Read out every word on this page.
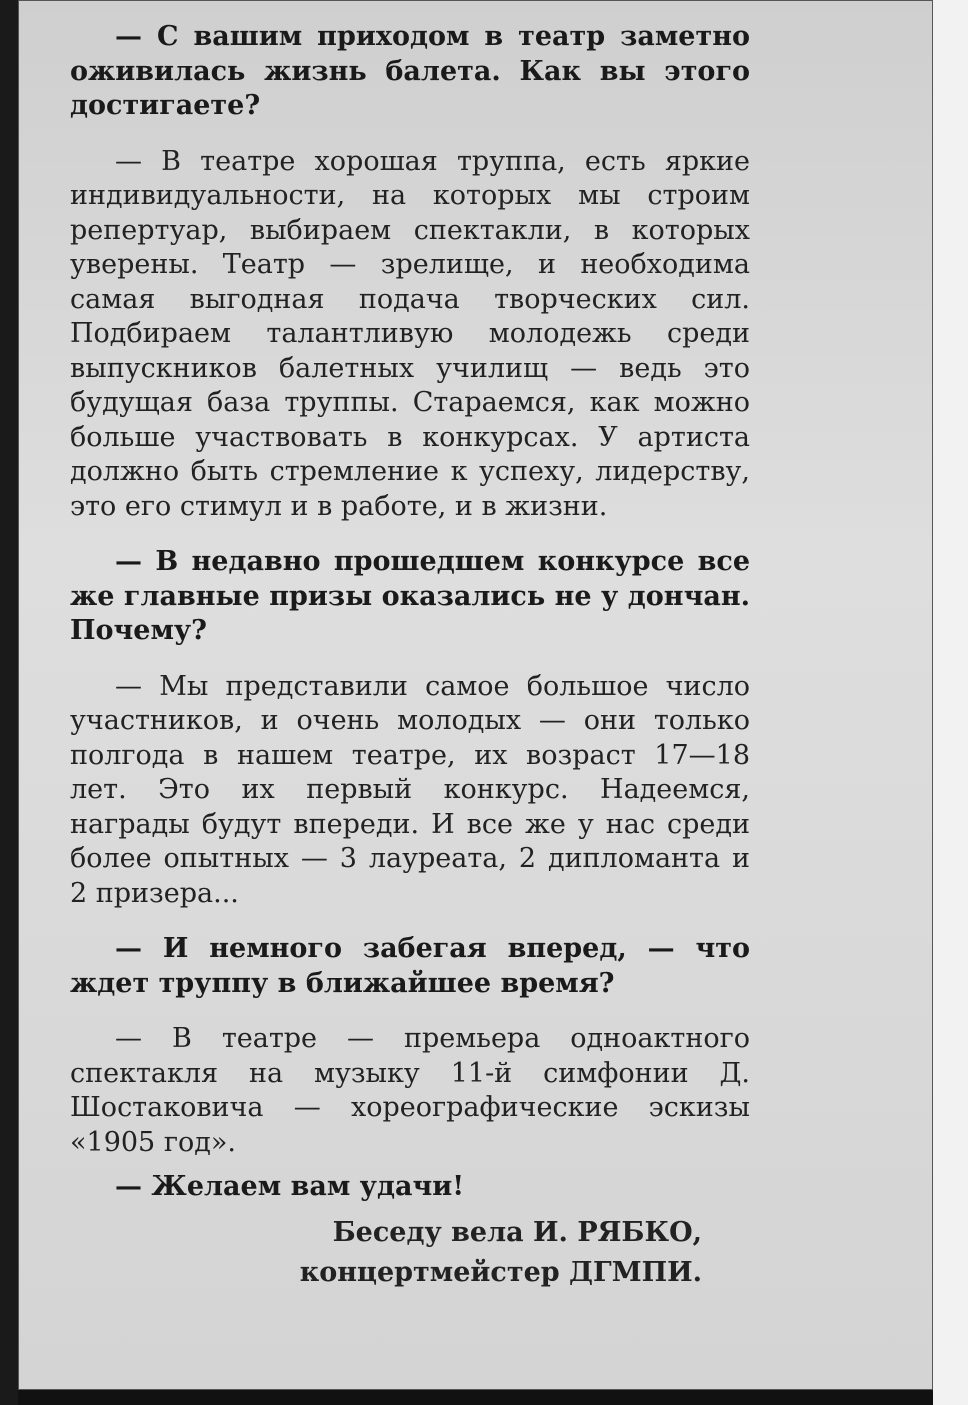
— С вашим приходом в театр заметно оживилась жизнь балета. Как вы этого достигаете?

— В театре хорошая труппа, есть яркие индивидуальности, на которых мы строим репертуар, выбираем спектакли, в которых уверены. Театр — зрелище, и необходима самая выгодная подача творческих сил. Подбираем талантливую молодежь среди выпускников балетных училищ — ведь это будущая база труппы. Стараемся, как можно больше участвовать в конкурсах. У артиста должно быть стремление к успеху, лидерству, это его стимул и в работе, и в жизни.

— В недавно прошедшем конкурсе все же главные призы оказались не у дончан. Почему?

— Мы представили самое большое число участников, и очень молодых — они только полгода в нашем театре, их возраст 17—18 лет. Это их первый конкурс. Надеемся, награды будут впереди. И все же у нас среди более опытных — 3 лауреата, 2 дипломанта и 2 призера...

— И немного забегая вперед, — что ждет труппу в ближайшее время?

— В театре — премьера одноактного спектакля на музыку 11-й симфонии Д. Шостаковича — хореографические эскизы «1905 год».

— Желаем вам удачи!

Беседу вела И. РЯБКО,
концертмейстер ДГМПИ.
